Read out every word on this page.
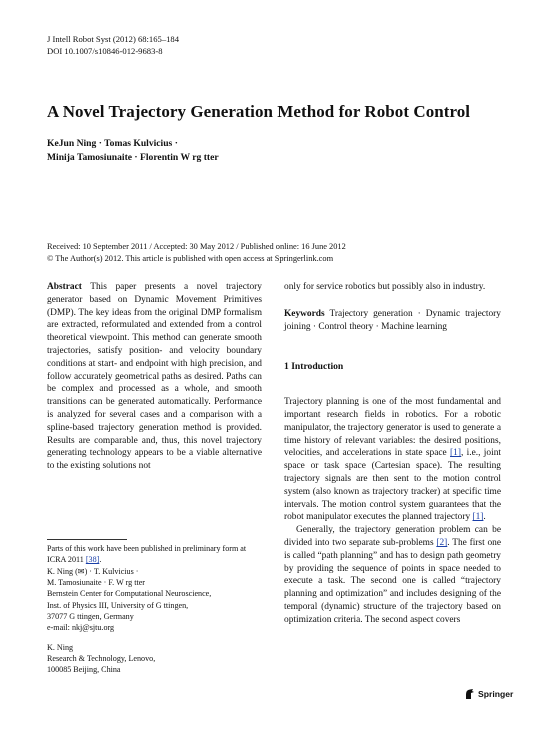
J Intell Robot Syst (2012) 68:165–184
DOI 10.1007/s10846-012-9683-8
A Novel Trajectory Generation Method for Robot Control
KeJun Ning · Tomas Kulvicius ·
Minija Tamosiunaite · Florentin W rg tter
Received: 10 September 2011 / Accepted: 30 May 2012 / Published online: 16 June 2012
© The Author(s) 2012. This article is published with open access at Springerlink.com

Abstract This paper presents a novel trajectory generator based on Dynamic Movement Primitives (DMP). The key ideas from the original DMP formalism are extracted, reformulated and extended from a control theoretical viewpoint. This method can generate smooth trajectories, satisfy position- and velocity boundary conditions at start- and endpoint with high precision, and follow accurately geometrical paths as desired. Paths can be complex and processed as a whole, and smooth transitions can be generated automatically. Performance is analyzed for several cases and a comparison with a spline-based trajectory generation method is provided. Results are comparable and, thus, this novel trajectory generating technology appears to be a viable alternative to the existing solutions not

only for service robotics but possibly also in industry.

Keywords Trajectory generation · Dynamic trajectory joining · Control theory · Machine learning

1 Introduction

Trajectory planning is one of the most fundamental and important research fields in robotics. For a robotic manipulator, the trajectory generator is used to generate a time history of relevant variables: the desired positions, velocities, and accelerations in state space [1], i.e., joint space or task space (Cartesian space). The resulting trajectory signals are then sent to the motion control system (also known as trajectory tracker) at specific time intervals. The motion control system guarantees that the robot manipulator executes the planned trajectory [1].

Generally, the trajectory generation problem can be divided into two separate sub-problems [2]. The first one is called “path planning” and has to design path geometry by providing the sequence of points in space needed to execute a task. The second one is called “trajectory planning and optimization” and includes designing of the temporal (dynamic) structure of the trajectory based on optimization criteria. The second aspect covers

Parts of this work have been published in preliminary form at ICRA 2011 [38].
K. Ning (✉) · T. Kulvicius ·
M. Tamosiunaite · F. W rg tter
Bernstein Center for Computational Neuroscience,
Inst. of Physics III, University of G ttingen,
37077 G ttingen, Germany
e-mail: nkj@sjtu.org
K. Ning
Research & Technology, Lenovo,
100085 Beijing, China
Springer
